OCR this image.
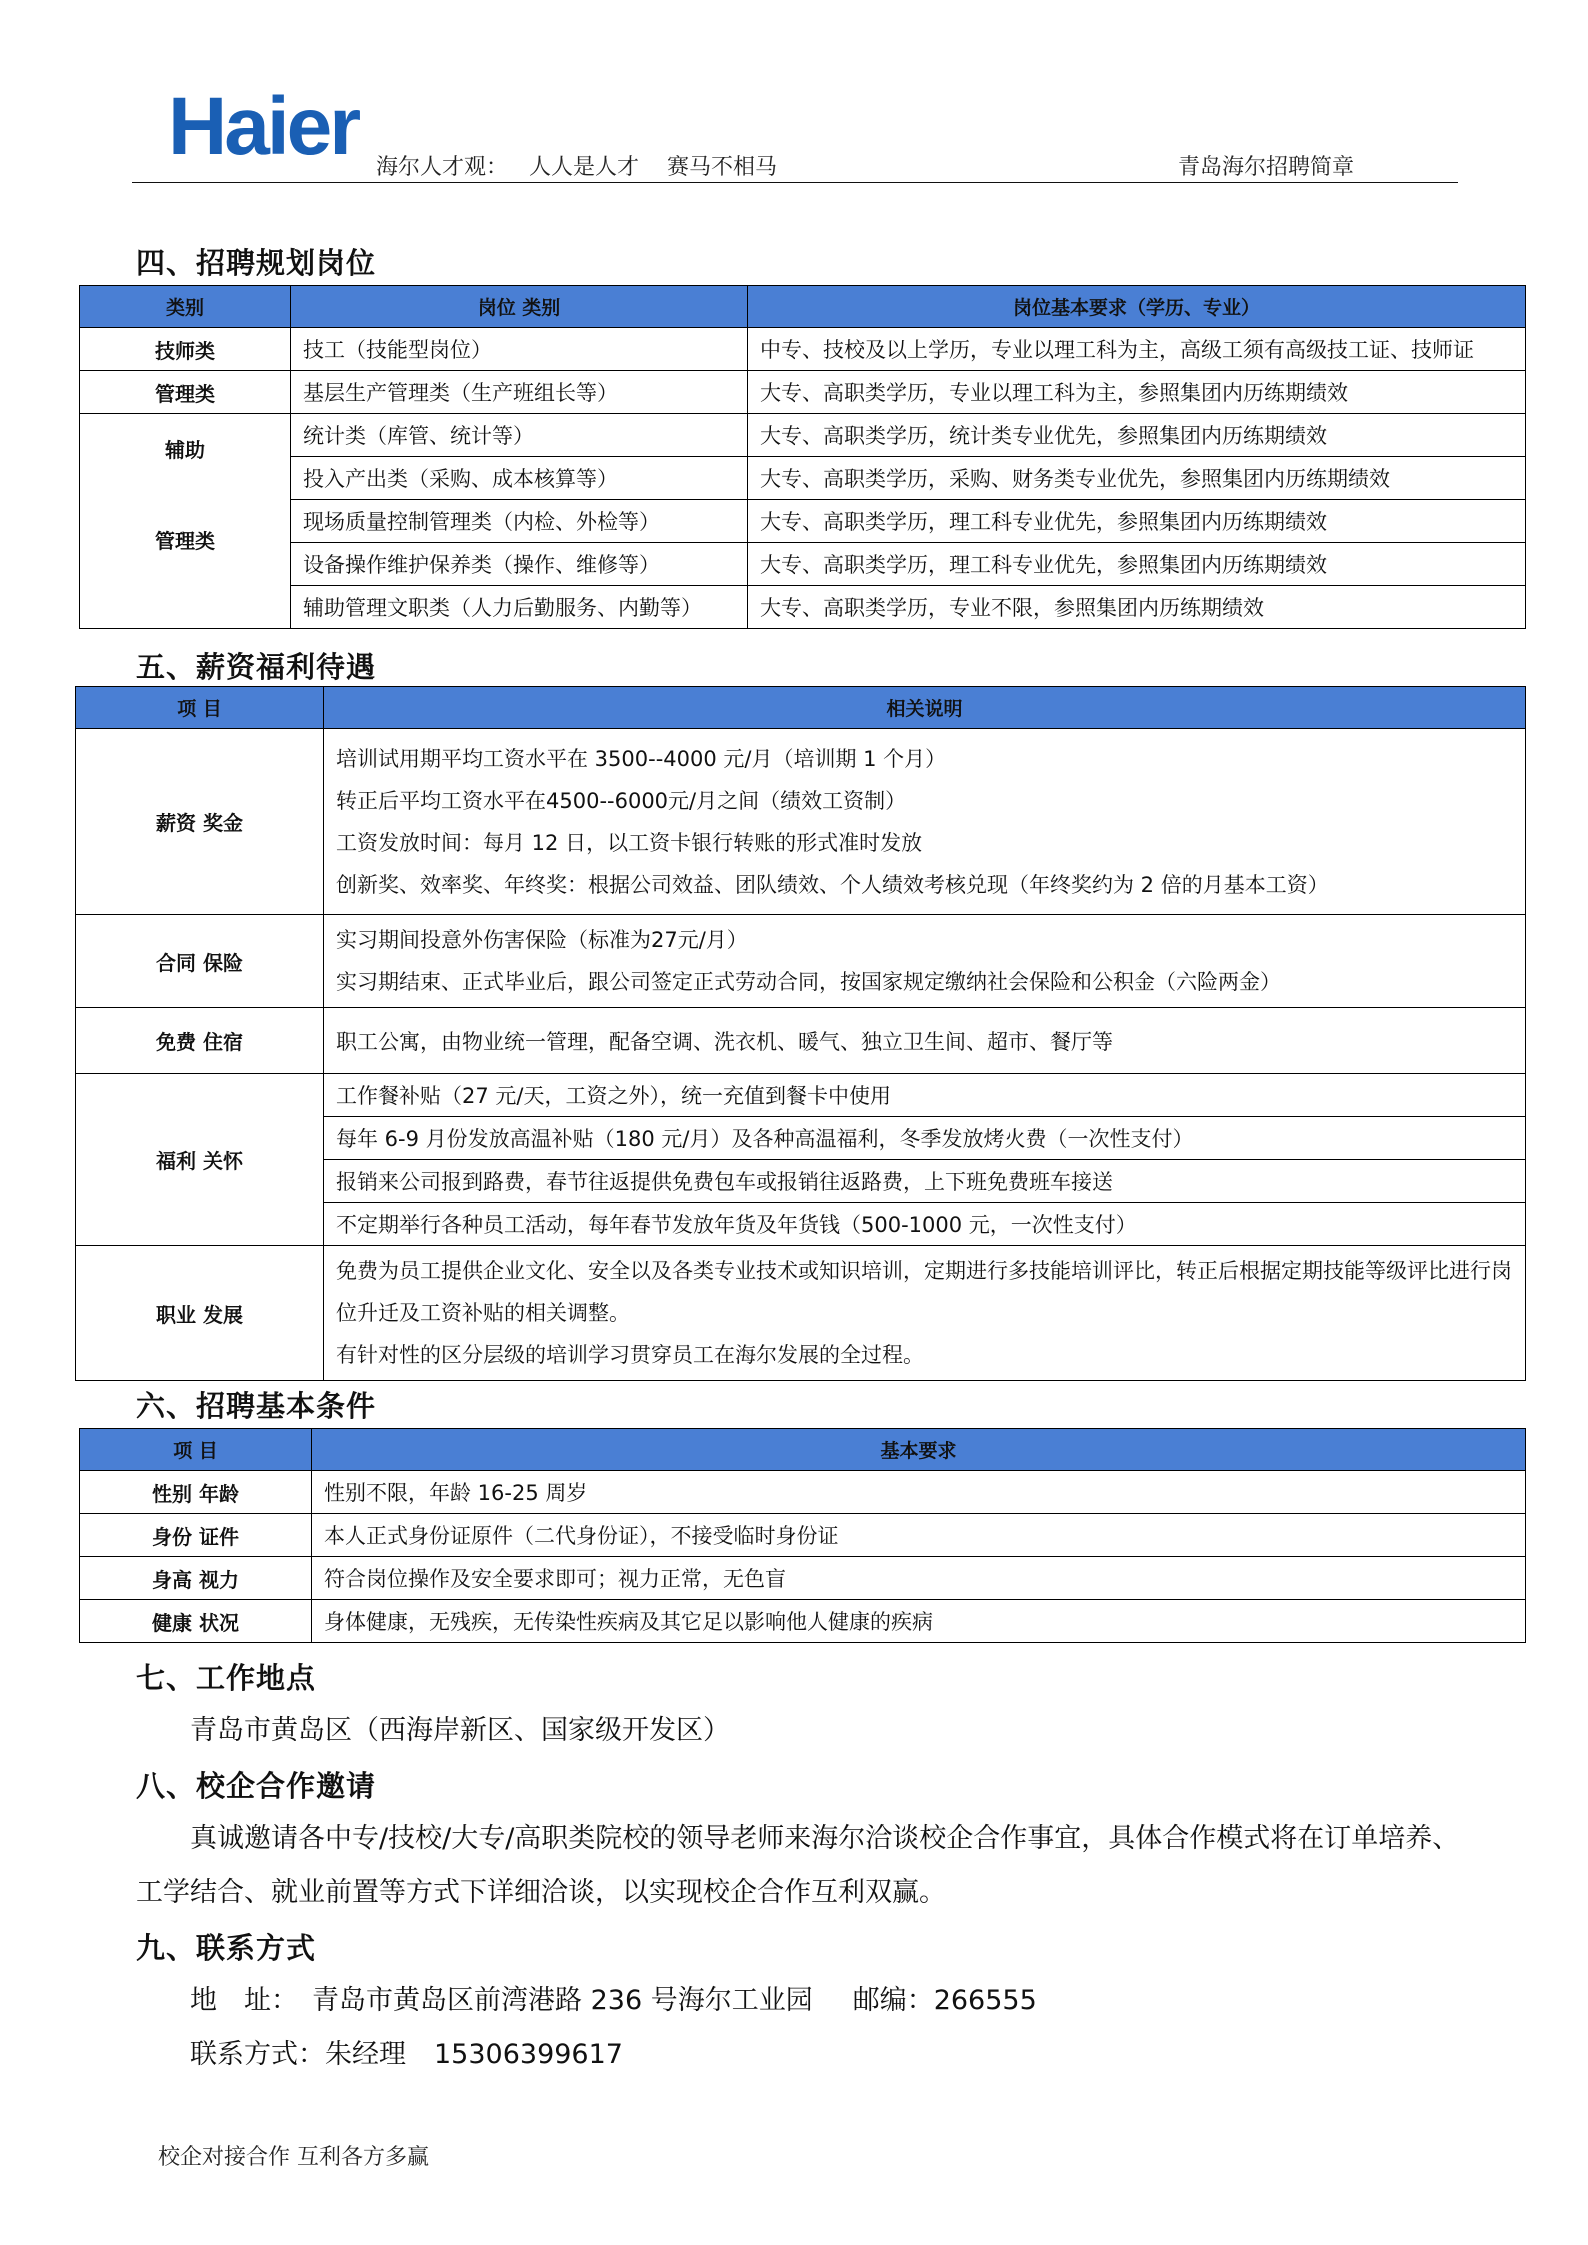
Haier 海尔人才观：   人人是人才    赛马不相马	青岛海尔招聘简章
四、招聘规划岗位
类别	岗位 类别	岗位基本要求（学历、专业）
技师类	技工（技能型岗位）	中专、技校及以上学历，专业以理工科为主，高级工须有高级技工证、技师证
管理类	基层生产管理类（生产班组长等）	大专、高职类学历，专业以理工科为主，参照集团内历练期绩效

辅助
管理类	统计类（库管、统计等）	大专、高职类学历，统计类专业优先，参照集团内历练期绩效
	投入产出类（采购、成本核算等）	大专、高职类学历，采购、财务类专业优先，参照集团内历练期绩效
	现场质量控制管理类（内检、外检等）	大专、高职类学历，理工科专业优先，参照集团内历练期绩效
	设备操作维护保养类（操作、维修等）	大专、高职类学历，理工科专业优先，参照集团内历练期绩效
	辅助管理文职类（人力后勤服务、内勤等）	大专、高职类学历，专业不限，参照集团内历练期绩效
五、薪资福利待遇
项 目	相关说明
薪资 奖金	培训试用期平均工资水平在 3500--4000 元/月（培训期 1 个月）
转正后平均工资水平在4500--6000元/月之间（绩效工资制）
工资发放时间：每月 12 日，以工资卡银行转账的形式准时发放
创新奖、效率奖、年终奖：根据公司效益、团队绩效、个人绩效考核兑现（年终奖约为 2 倍的月基本工资）

合同 保险	实习期间投意外伤害保险（标准为27元/月）
实习期结束、正式毕业后，跟公司签定正式劳动合同，按国家规定缴纳社会保险和公积金（六险两金）

免费 住宿	职工公寓，由物业统一管理，配备空调、洗衣机、暖气、独立卫生间、超市、餐厅等
福利 关怀	工作餐补贴（27 元/天，工资之外），统一充值到餐卡中使用
	每年 6-9 月份发放高温补贴（180 元/月）及各种高温福利，冬季发放烤火费（一次性支付）
	报销来公司报到路费，春节往返提供免费包车或报销往返路费，上下班免费班车接送
	不定期举行各种员工活动，每年春节发放年货及年货钱（500-1000 元，一次性支付）
职业 发展	免费为员工提供企业文化、安全以及各类专业技术或知识培训，定期进行多技能培训评比，转正后根据定期技能等级评比进行岗位升迁及工资补贴的相关调整。
有针对性的区分层级的培训学习贯穿员工在海尔发展的全过程。
六、招聘基本条件
项 目	基本要求
性别 年龄	性别不限，年龄 16-25 周岁
身份 证件	本人正式身份证原件（二代身份证），不接受临时身份证
身高 视力	符合岗位操作及安全要求即可；视力正常，无色盲
健康 状况	身体健康，无残疾，无传染性疾病及其它足以影响他人健康的疾病
七、工作地点
青岛市黄岛区（西海岸新区、国家级开发区）
八、校企合作邀请
真诚邀请各中专/技校/大专/高职类院校的领导老师来海尔洽谈校企合作事宜，具体合作模式将在订单培养、
工学结合、就业前置等方式下详细洽谈，以实现校企合作互利双赢。
九、联系方式
地　址： 青岛市黄岛区前湾港路 236 号海尔工业园 邮编：266555
联系方式：朱经理 15306399617
校企对接合作 互利各方多赢
